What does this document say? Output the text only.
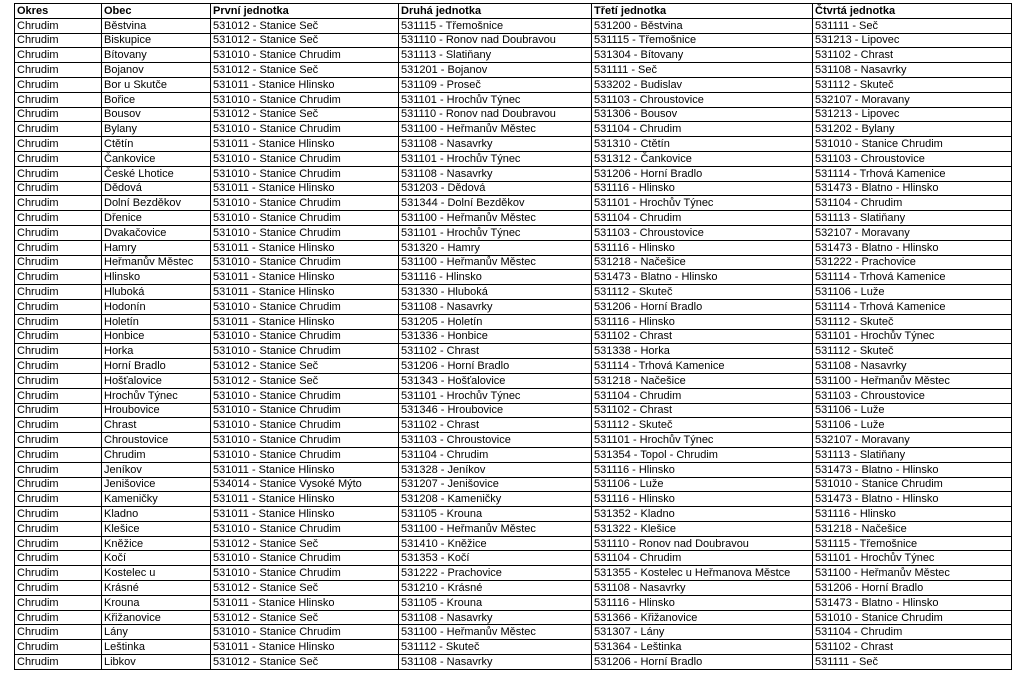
Okres	Obec	První jednotka	Druhá jednotka	Třetí jednotka	Čtvrtá jednotka
Chrudim	Běstvina	531012 - Stanice Seč	531115 - Třemošnice	531200 - Běstvina	531111 - Seč
Chrudim	Biskupice	531012 - Stanice Seč	531110 - Ronov nad Doubravou	531115 - Třemošnice	531213 - Lipovec
Chrudim	Bítovany	531010 - Stanice Chrudim	531113 - Slatiňany	531304 - Bítovany	531102 - Chrast
Chrudim	Bojanov	531012 - Stanice Seč	531201 - Bojanov	531111 - Seč	531108 - Nasavrky
Chrudim	Bor u Skutče	531011 - Stanice Hlinsko	531109 - Proseč	533202 - Budislav	531112 - Skuteč
Chrudim	Bořice	531010 - Stanice Chrudim	531101 - Hrochův Týnec	531103 - Chroustovice	532107 - Moravany
Chrudim	Bousov	531012 - Stanice Seč	531110 - Ronov nad Doubravou	531306 - Bousov	531213 - Lipovec
Chrudim	Bylany	531010 - Stanice Chrudim	531100 - Heřmanův Městec	531104 - Chrudim	531202 - Bylany
Chrudim	Ctětín	531011 - Stanice Hlinsko	531108 - Nasavrky	531310 - Ctětín	531010 - Stanice Chrudim
Chrudim	Čankovice	531010 - Stanice Chrudim	531101 - Hrochův Týnec	531312 - Čankovice	531103 - Chroustovice
Chrudim	České Lhotice	531010 - Stanice Chrudim	531108 - Nasavrky	531206 - Horní Bradlo	531114 - Trhová Kamenice
Chrudim	Dědová	531011 - Stanice Hlinsko	531203 - Dědová	531116 - Hlinsko	531473 - Blatno - Hlinsko
Chrudim	Dolní Bezděkov	531010 - Stanice Chrudim	531344 - Dolní Bezděkov	531101 - Hrochův Týnec	531104 - Chrudim
Chrudim	Dřenice	531010 - Stanice Chrudim	531100 - Heřmanův Městec	531104 - Chrudim	531113 - Slatiňany
Chrudim	Dvakačovice	531010 - Stanice Chrudim	531101 - Hrochův Týnec	531103 - Chroustovice	532107 - Moravany
Chrudim	Hamry	531011 - Stanice Hlinsko	531320 - Hamry	531116 - Hlinsko	531473 - Blatno - Hlinsko
Chrudim	Heřmanův Městec	531010 - Stanice Chrudim	531100 - Heřmanův Městec	531218 - Načešice	531222 - Prachovice
Chrudim	Hlinsko	531011 - Stanice Hlinsko	531116 - Hlinsko	531473 - Blatno - Hlinsko	531114 - Trhová Kamenice
Chrudim	Hluboká	531011 - Stanice Hlinsko	531330 - Hluboká	531112 - Skuteč	531106 - Luže
Chrudim	Hodonín	531010 - Stanice Chrudim	531108 - Nasavrky	531206 - Horní Bradlo	531114 - Trhová Kamenice
Chrudim	Holetín	531011 - Stanice Hlinsko	531205 - Holetín	531116 - Hlinsko	531112 - Skuteč
Chrudim	Honbice	531010 - Stanice Chrudim	531336 - Honbice	531102 - Chrast	531101 - Hrochův Týnec
Chrudim	Horka	531010 - Stanice Chrudim	531102 - Chrast	531338 - Horka	531112 - Skuteč
Chrudim	Horní Bradlo	531012 - Stanice Seč	531206 - Horní Bradlo	531114 - Trhová Kamenice	531108 - Nasavrky
Chrudim	Hošťalovice	531012 - Stanice Seč	531343 - Hošťalovice	531218 - Načešice	531100 - Heřmanův Městec
Chrudim	Hrochův Týnec	531010 - Stanice Chrudim	531101 - Hrochův Týnec	531104 - Chrudim	531103 - Chroustovice
Chrudim	Hroubovice	531010 - Stanice Chrudim	531346 - Hroubovice	531102 - Chrast	531106 - Luže
Chrudim	Chrast	531010 - Stanice Chrudim	531102 - Chrast	531112 - Skuteč	531106 - Luže
Chrudim	Chroustovice	531010 - Stanice Chrudim	531103 - Chroustovice	531101 - Hrochův Týnec	532107 - Moravany
Chrudim	Chrudim	531010 - Stanice Chrudim	531104 - Chrudim	531354 - Topol - Chrudim	531113 - Slatiňany
Chrudim	Jeníkov	531011 - Stanice Hlinsko	531328 - Jeníkov	531116 - Hlinsko	531473 - Blatno - Hlinsko
Chrudim	Jenišovice	534014 - Stanice Vysoké Mýto	531207 - Jenišovice	531106 - Luže	531010 - Stanice Chrudim
Chrudim	Kameničky	531011 - Stanice Hlinsko	531208 - Kameničky	531116 - Hlinsko	531473 - Blatno - Hlinsko
Chrudim	Kladno	531011 - Stanice Hlinsko	531105 - Krouna	531352 - Kladno	531116 - Hlinsko
Chrudim	Klešice	531010 - Stanice Chrudim	531100 - Heřmanův Městec	531322 - Klešice	531218 - Načešice
Chrudim	Kněžice	531012 - Stanice Seč	531410 - Kněžice	531110 - Ronov nad Doubravou	531115 - Třemošnice
Chrudim	Kočí	531010 - Stanice Chrudim	531353 - Kočí	531104 - Chrudim	531101 - Hrochův Týnec
Chrudim	Kostelec u	531010 - Stanice Chrudim	531222 - Prachovice	531355 - Kostelec u Heřmanova Městce	531100 - Heřmanův Městec
Chrudim	Krásné	531012 - Stanice Seč	531210 - Krásné	531108 - Nasavrky	531206 - Horní Bradlo
Chrudim	Krouna	531011 - Stanice Hlinsko	531105 - Krouna	531116 - Hlinsko	531473 - Blatno - Hlinsko
Chrudim	Křižanovice	531012 - Stanice Seč	531108 - Nasavrky	531366 - Křižanovice	531010 - Stanice Chrudim
Chrudim	Lány	531010 - Stanice Chrudim	531100 - Heřmanův Městec	531307 - Lány	531104 - Chrudim
Chrudim	Leštinka	531011 - Stanice Hlinsko	531112 - Skuteč	531364 - Leštinka	531102 - Chrast
Chrudim	Libkov	531012 - Stanice Seč	531108 - Nasavrky	531206 - Horní Bradlo	531111 - Seč
